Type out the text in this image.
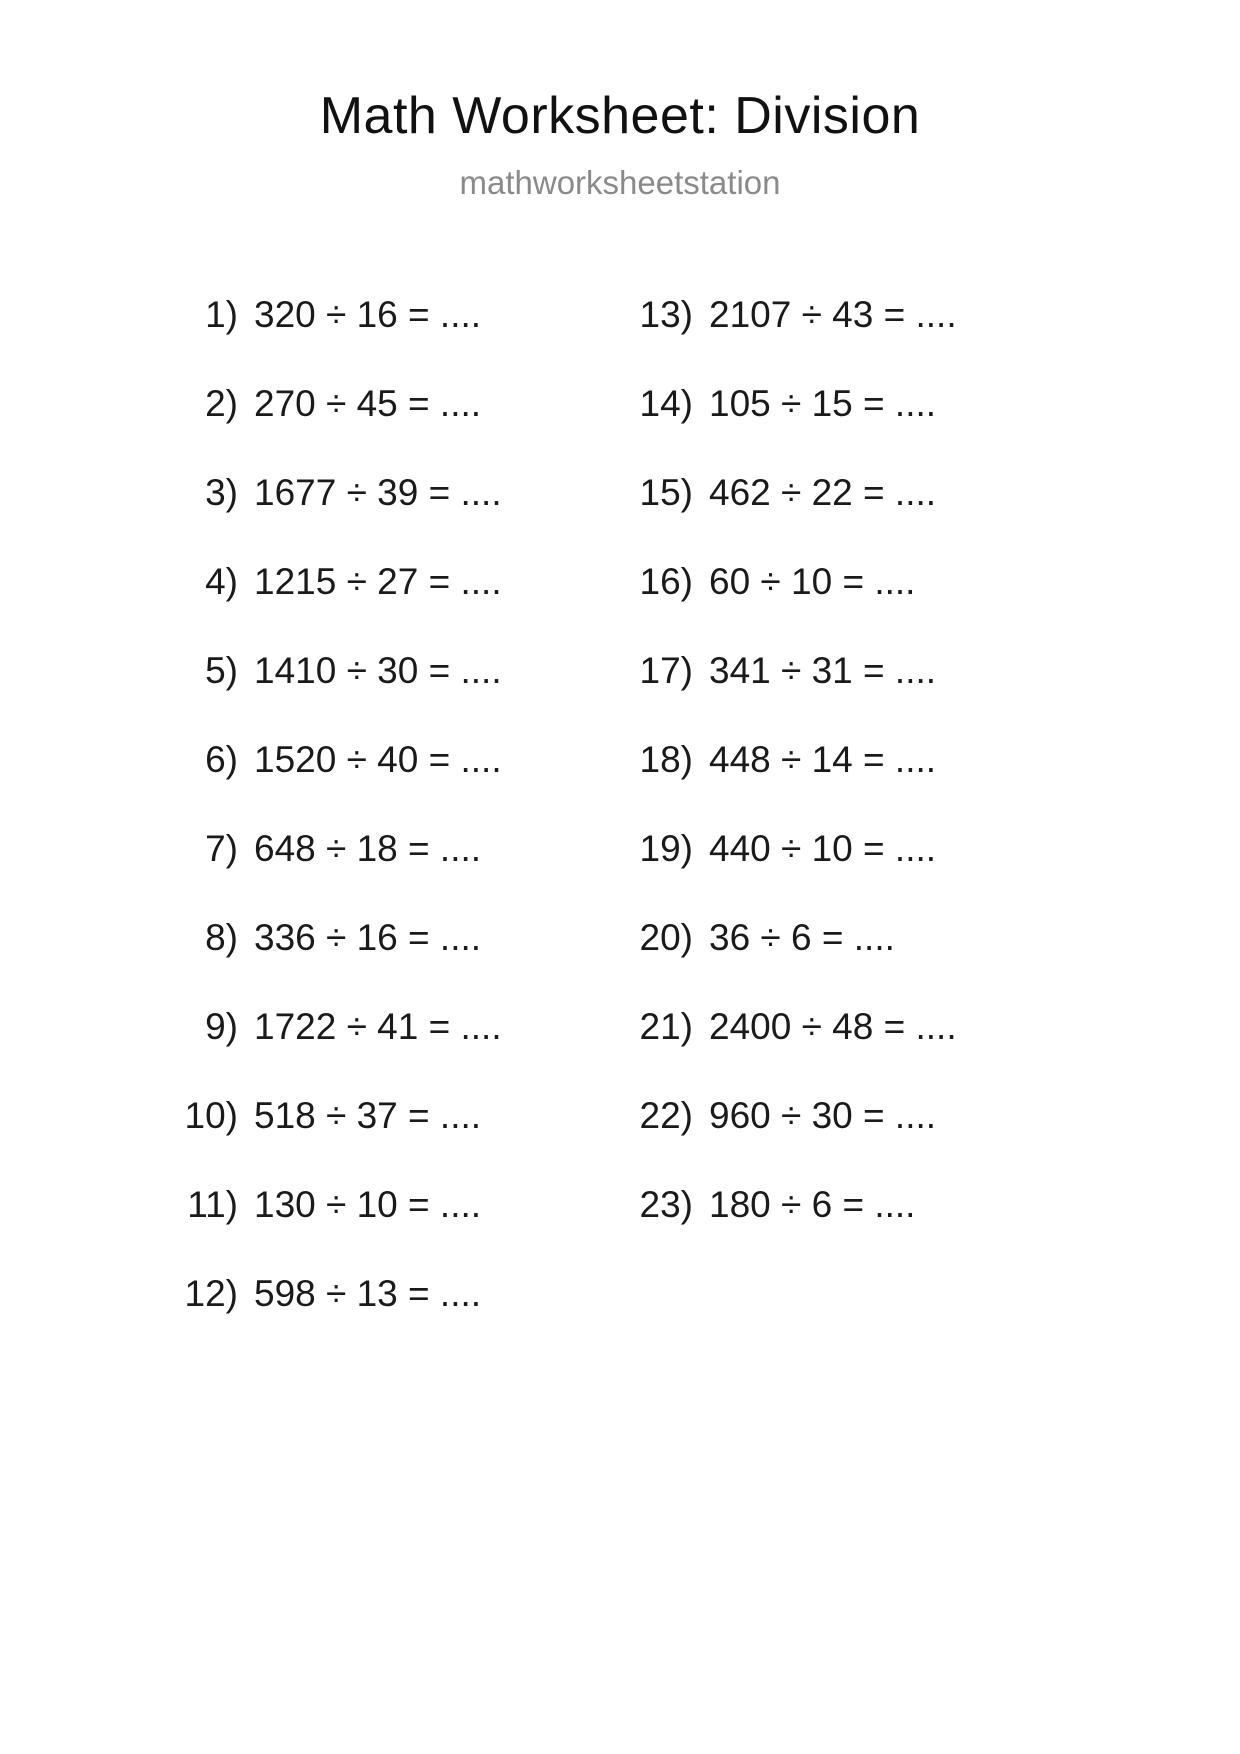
Math Worksheet: Division
mathworksheetstation
1) 320 ÷ 16 = ....
2) 270 ÷ 45 = ....
3) 1677 ÷ 39 = ....
4) 1215 ÷ 27 = ....
5) 1410 ÷ 30 = ....
6) 1520 ÷ 40 = ....
7) 648 ÷ 18 = ....
8) 336 ÷ 16 = ....
9) 1722 ÷ 41 = ....
10) 518 ÷ 37 = ....
11) 130 ÷ 10 = ....
12) 598 ÷ 13 = ....
13) 2107 ÷ 43 = ....
14) 105 ÷ 15 = ....
15) 462 ÷ 22 = ....
16) 60 ÷ 10 = ....
17) 341 ÷ 31 = ....
18) 448 ÷ 14 = ....
19) 440 ÷ 10 = ....
20) 36 ÷ 6 = ....
21) 2400 ÷ 48 = ....
22) 960 ÷ 30 = ....
23) 180 ÷ 6 = ....
